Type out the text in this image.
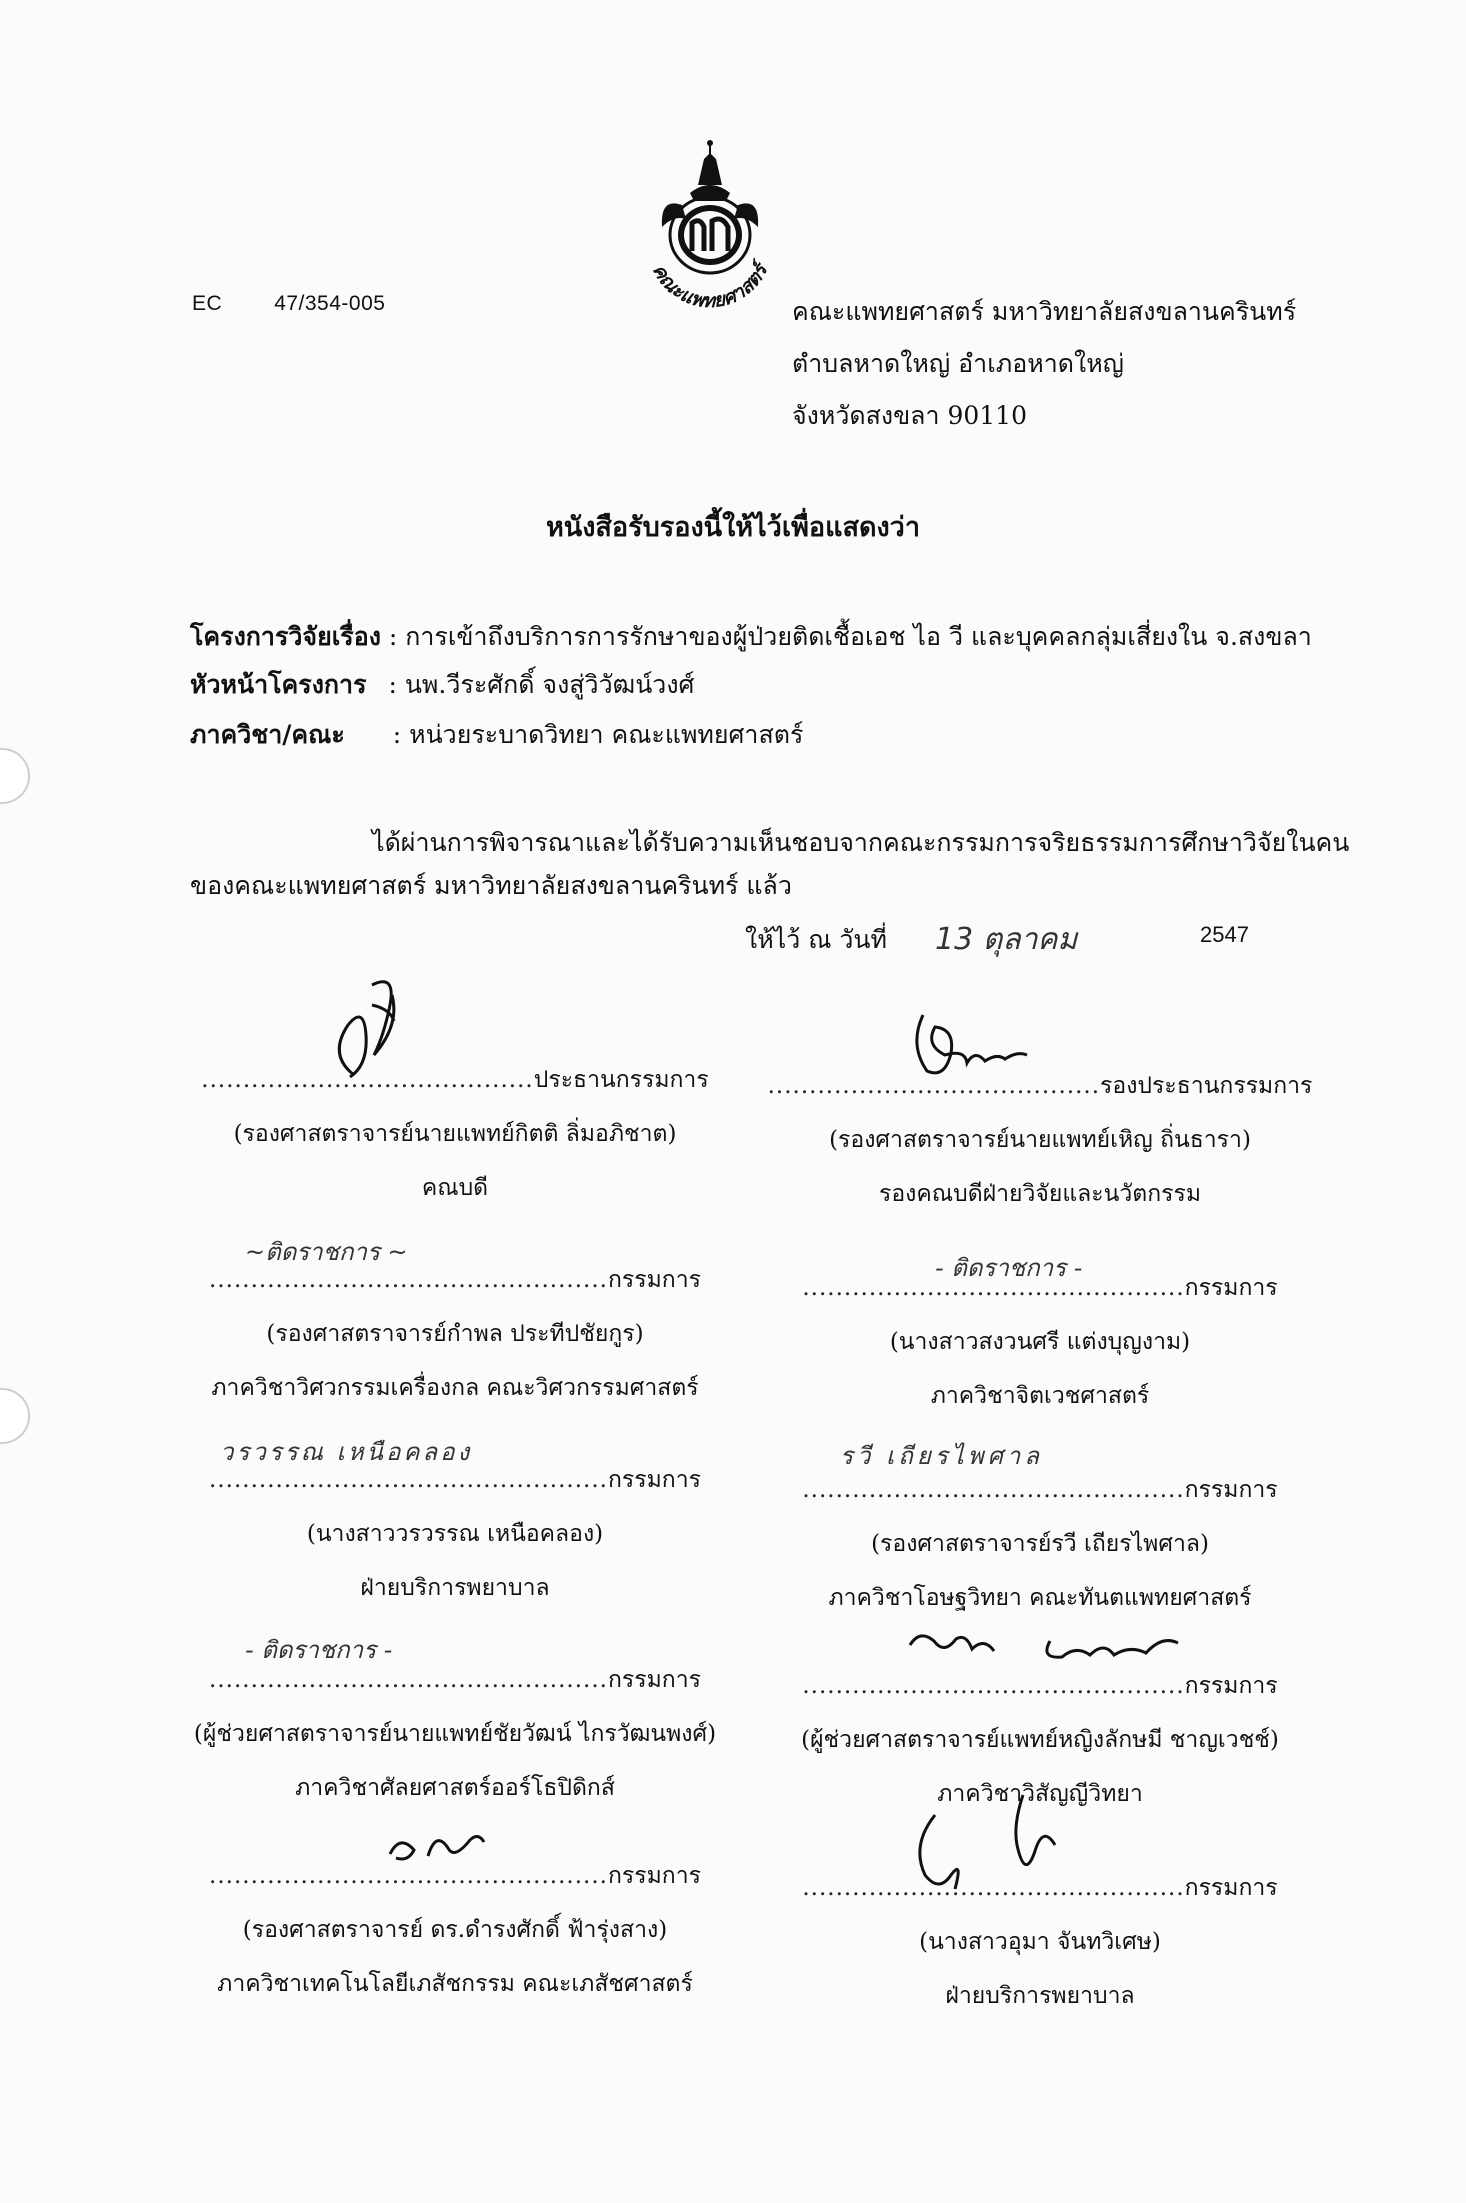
EC 47/354-005
คณะแพทยศาสตร์
คณะแพทยศาสตร์ มหาวิทยาลัยสงขลานครินทร์
ตำบลหาดใหญ่ อำเภอหาดใหญ่
จังหวัดสงขลา 90110
หนังสือรับรองนี้ให้ไว้เพื่อแสดงว่า
โครงการวิจัยเรื่อง : การเข้าถึงบริการการรักษาของผู้ป่วยติดเชื้อเอช ไอ วี และบุคคลกลุ่มเสี่ยงใน จ.สงขลา
หัวหน้าโครงการ : นพ.วีระศักดิ์ จงสู่วิวัฒน์วงศ์
ภาควิชา/คณะ : หน่วยระบาดวิทยา คณะแพทยศาสตร์
ได้ผ่านการพิจารณาและได้รับความเห็นชอบจากคณะกรรมการจริยธรรมการศึกษาวิจัยในคน
ของคณะแพทยศาสตร์ มหาวิทยาลัยสงขลานครินทร์ แล้ว
ให้ไว้ ณ วันที่ 13 ตุลาคม	2547
~ติดราชการ ~
- ติดราชการ -
วรวรรณ เหนือคลอง	รวี เถียรไพศาล
- ติดราชการ -
........................................ประธานกรรมการ
(รองศาสตราจารย์นายแพทย์กิตติ ลิ่มอภิชาต)
คณบดี
........................................รองประธานกรรมการ
(รองศาสตราจารย์นายแพทย์เหิญ ถิ่นธารา)
รองคณบดีฝ่ายวิจัยและนวัตกรรม
................................................กรรมการ
(รองศาสตราจารย์กำพล ประทีปชัยกูร)
ภาควิชาวิศวกรรมเครื่องกล คณะวิศวกรรมศาสตร์
..............................................กรรมการ
(นางสาวสงวนศรี แต่งบุญงาม)
ภาควิชาจิตเวชศาสตร์
................................................กรรมการ
(นางสาววรวรรณ เหนือคลอง)
ฝ่ายบริการพยาบาล
..............................................กรรมการ
(รองศาสตราจารย์รวี เถียรไพศาล)
ภาควิชาโอษฐวิทยา คณะทันตแพทยศาสตร์
................................................กรรมการ
(ผู้ช่วยศาสตราจารย์นายแพทย์ชัยวัฒน์ ไกรวัฒนพงศ์)
ภาควิชาศัลยศาสตร์ออร์โธปิดิกส์
..............................................กรรมการ
(ผู้ช่วยศาสตราจารย์แพทย์หญิงลักษมี ชาญเวชช์)
ภาควิชาวิสัญญีวิทยา
................................................กรรมการ
(รองศาสตราจารย์ ดร.ดำรงศักดิ์ ฟ้ารุ่งสาง)
ภาควิชาเทคโนโลยีเภสัชกรรม คณะเภสัชศาสตร์
..............................................กรรมการ
(นางสาวอุมา จันทวิเศษ)
ฝ่ายบริการพยาบาล
